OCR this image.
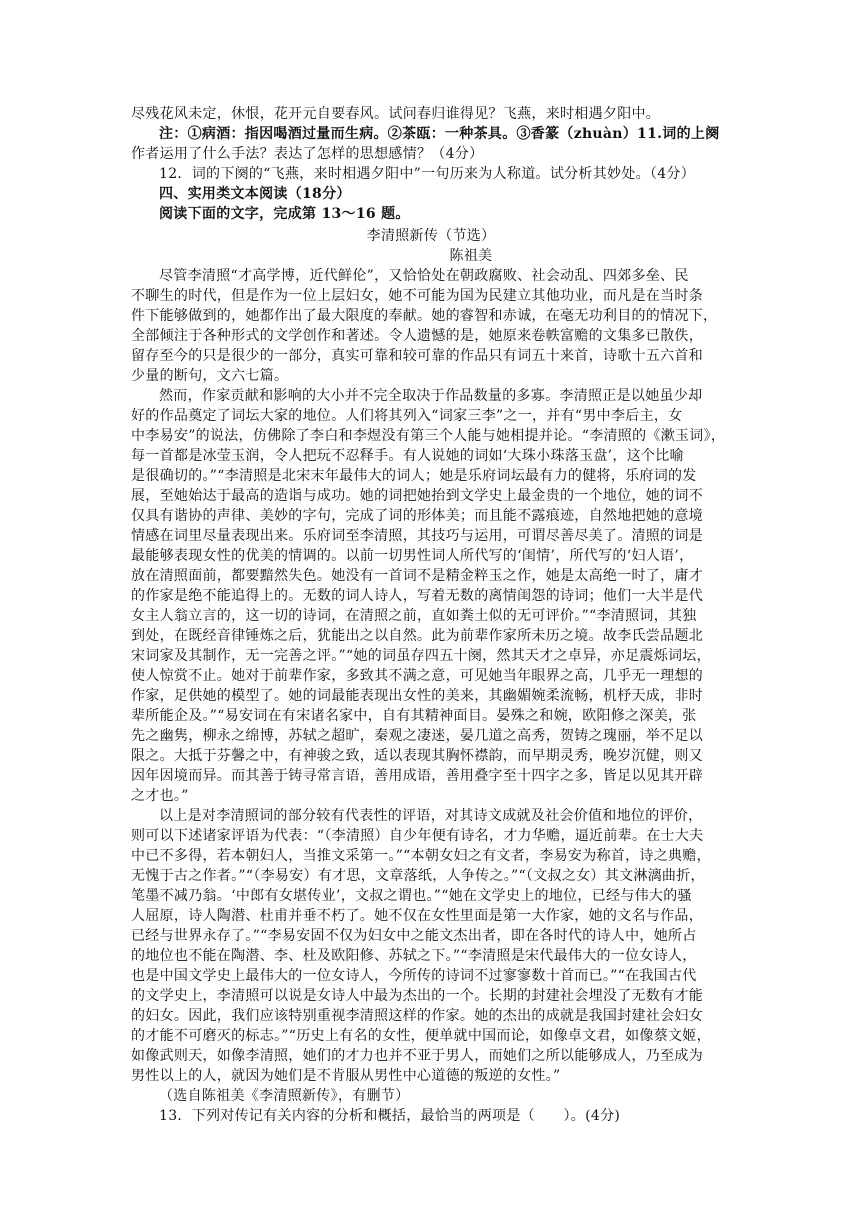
尽残花风未定，休恨，花开元自要春风。试问春归谁得见？飞燕，来时相遇夕阳中。
注：①病酒：指因喝酒过量而生病。②茶瓯：一种茶具。③香篆（zhuàn）11.词的上阕
作者运用了什么手法？表达了怎样的思想感情？（4分）
12．词的下阕的“飞燕，来时相遇夕阳中”一句历来为人称道。试分析其妙处。（4分）
四、实用类文本阅读（18分）
阅读下面的文字，完成第 13～16 题。
李清照新传（节选）
陈祖美
尽管李清照“才高学博，近代鲜伦”，又恰恰处在朝政腐败、社会动乱、四郊多垒、民
不聊生的时代，但是作为一位上层妇女，她不可能为国为民建立其他功业，而凡是在当时条
件下能够做到的，她都作出了最大限度的奉献。她的睿智和赤诚，在毫无功利目的的情况下，
全部倾注于各种形式的文学创作和著述。令人遗憾的是，她原来卷帙富赡的文集多已散佚，
留存至今的只是很少的一部分，真实可靠和较可靠的作品只有词五十来首，诗歌十五六首和
少量的断句，文六七篇。
然而，作家贡献和影响的大小并不完全取决于作品数量的多寡。李清照正是以她虽少却
好的作品奠定了词坛大家的地位。人们将其列入“词家三李”之一，并有“男中李后主，女
中李易安”的说法，仿佛除了李白和李煜没有第三个人能与她相提并论。“李清照的《漱玉词》，
每一首都是冰莹玉润，令人把玩不忍释手。有人说她的词如‘大珠小珠落玉盘’，这个比喻
是很确切的。”“李清照是北宋末年最伟大的词人；她是乐府词坛最有力的健将，乐府词的发
展，至她始达于最高的造诣与成功。她的词把她抬到文学史上最金贵的一个地位，她的词不
仅具有谐协的声律、美妙的字句，完成了词的形体美；而且能不露痕迹，自然地把她的意境
情感在词里尽量表现出来。乐府词至李清照，其技巧与运用，可谓尽善尽美了。清照的词是
最能够表现女性的优美的情调的。以前一切男性词人所代写的‘闺情’，所代写的‘妇人语’，
放在清照面前，都要黯然失色。她没有一首词不是精金粹玉之作，她是太高绝一时了，庸才
的作家是绝不能追得上的。无数的词人诗人，写着无数的离情闺怨的诗词；他们一大半是代
女主人翁立言的，这一切的诗词，在清照之前，直如粪土似的无可评价。”“李清照词，其独
到处，在既经音律锤炼之后，犹能出之以自然。此为前辈作家所未历之境。故李氏尝品题北
宋词家及其制作，无一完善之评。”“她的词虽存四五十阕，然其天才之卓异，亦足震烁词坛，
使人惊赏不止。她对于前辈作家，多致其不满之意，可见她当年眼界之高，几乎无一理想的
作家，足供她的模型了。她的词最能表现出女性的美来，其幽媚婉柔流畅，机杼天成，非时
辈所能企及。”“易安词在有宋诸名家中，自有其精神面目。晏殊之和婉，欧阳修之深美，张
先之幽隽，柳永之绵博，苏轼之超旷，秦观之凄迷，晏几道之高秀，贺铸之瑰丽，举不足以
限之。大抵于芬馨之中，有神骏之致，适以表现其胸怀襟韵，而早期灵秀，晚岁沉健，则又
因年因境而异。而其善于铸寻常言语，善用成语，善用叠字至十四字之多，皆足以见其开辟
之才也。”
以上是对李清照词的部分较有代表性的评语，对其诗文成就及社会价值和地位的评价，
则可以下述诸家评语为代表：“（李清照）自少年便有诗名，才力华赡，逼近前辈。在士大夫
中已不多得，若本朝妇人，当推文采第一。”“本朝女妇之有文者，李易安为称首，诗之典赡，
无愧于古之作者。”“（李易安）有才思，文章落纸，人争传之。”“（文叔之女）其文淋漓曲折，
笔墨不减乃翁。‘中郎有女堪传业’，文叔之谓也。”“她在文学史上的地位，已经与伟大的骚
人屈原，诗人陶潜、杜甫并垂不朽了。她不仅在女性里面是第一大作家，她的文名与作品，
已经与世界永存了。”“李易安固不仅为妇女中之能文杰出者，即在各时代的诗人中，她所占
的地位也不能在陶潜、李、杜及欧阳修、苏轼之下。”“李清照是宋代最伟大的一位女诗人，
也是中国文学史上最伟大的一位女诗人，今所传的诗词不过寥寥数十首而已。”“在我国古代
的文学史上，李清照可以说是女诗人中最为杰出的一个。长期的封建社会埋没了无数有才能
的妇女。因此，我们应该特别重视李清照这样的作家。她的杰出的成就是我国封建社会妇女
的才能不可磨灭的标志。”“历史上有名的女性，便单就中国而论，如像卓文君，如像蔡文姬，
如像武则天，如像李清照，她们的才力也并不亚于男人，而她们之所以能够成人，乃至成为
男性以上的人，就因为她们是不肯服从男性中心道德的叛逆的女性。”
（选自陈祖美《李清照新传》，有删节）
13．下列对传记有关内容的分析和概括，最恰当的两项是（　　）。(4分)
